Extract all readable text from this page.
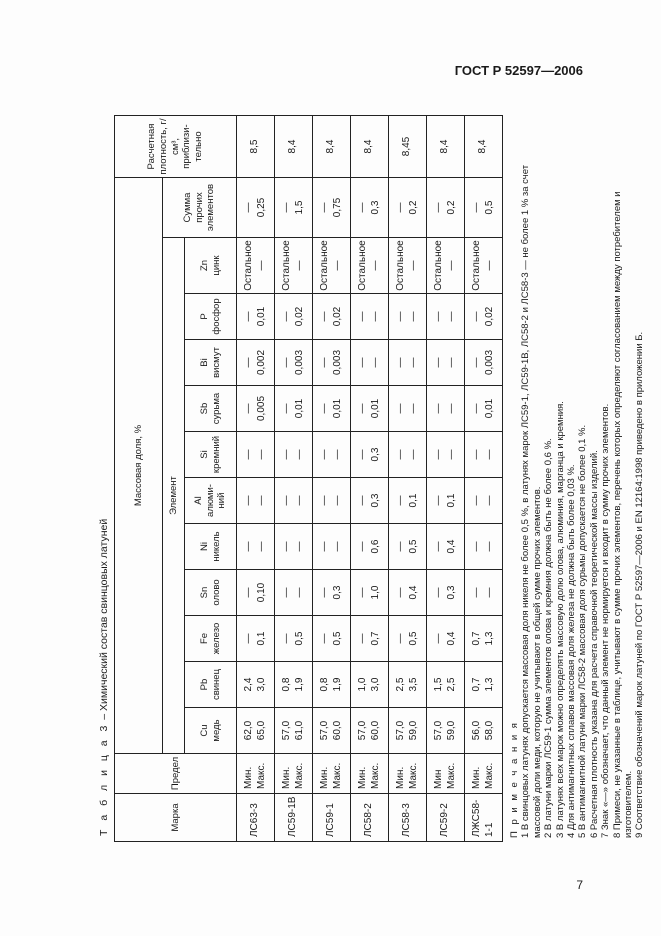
ГОСТ Р 52597—2006
Т а б л и ц а 3 – Химический состав свинцовых латуней
Марка	Предел	Массовая доля, %												Расчетная плотность, г/см³, приблизи-тельно
		Элемент											Сумма прочих элементов	

		Cu медь	Pb свинец	Fe железо	Sn олово	Ni никель	Al алюми-ний	Si кремний	Sb сурьма	Bi висмут	P фосфор	Zn цинк		

ЛС63-3	Мин. Макс.	62,0 65,0	2,4 3,0	— 0,1	— 0,10	— —	— —	— —	— 0,005	— 0,002	— 0,01	Остальное —	— 0,25	8,5
ЛС59-1В	Мин. Макс.	57,0 61,0	0,8 1,9	— 0,5	— —	— —	— —	— —	— 0,01	— 0,003	— 0,02	Остальное —	— 1,5	8,4
ЛС59-1	Мин. Макс.	57,0 60,0	0,8 1,9	— 0,5	— 0,3	— —	— —	— —	— 0,01	— 0,003	— 0,02	Остальное —	— 0,75	8,4
ЛС58-2	Мин. Макс.	57,0 60,0	1,0 3,0	— 0,7	— 1,0	— 0,6	— 0,3	— 0,3	— 0,01	— —	— —	Остальное —	— 0,3	8,4
ЛС58-3	Мин. Макс.	57,0 59,0	2,5 3,5	— 0,5	— 0,4	— 0,5	— 0,1	— —	— —	— —	— —	Остальное —	— 0,2	8,45
ЛС59-2	Мин Макс.	57,0 59,0	1,5 2,5	— 0,4	— 0,3	— 0,4	— 0,1	— —	— —	— —	— —	Остальное —	— 0,2	8,4
ЛЖС58-1-1	Мин. Макс.	56,0 58,0	0,7 1,3	0,7 1,3	— —	— —	— —	— —	— 0,01	— 0,003	— 0,02	Остальное —	— 0,5	8,4
П р и м е ч а н и я 1 В свинцовых латунях допускается массовая доля никеля не более 0,5 %, в латунях марок ЛС59-1, ЛС59-1В, ЛС58-2 и ЛС58-3 — не более 1 % за счет массовой доли меди, которую не учитывают в общей сумме прочих элементов. 2 В латуни марки ЛС59-1 сумма элементов олова и кремния должна быть не более 0,6 %. 3 В латунях всех марок можно определять массовую долю олова, алюминия, марганца и кремния. 4 Для антимагнитных сплавов массовая доля железа не должна быть более 0,03 %. 5 В антимагнитной латуни марки ЛС58-2 массовая доля сурьмы допускается не более 0,1 %. 6 Расчетная плотность указана для расчета справочной теоретической массы изделий. 7 Знак «—» обозначает, что данный элемент не нормируется и входит в сумму прочих элементов. 8 Примеси, не указанные в таблице, учитывают в сумме прочих элементов, перечень которых определяют согласованием между потребителем и изготовителем. 9 Соответствие обозначений марок латуней по ГОСТ Р 52597—2006 и EN 12164:1998 приведено в приложении Б.
7
